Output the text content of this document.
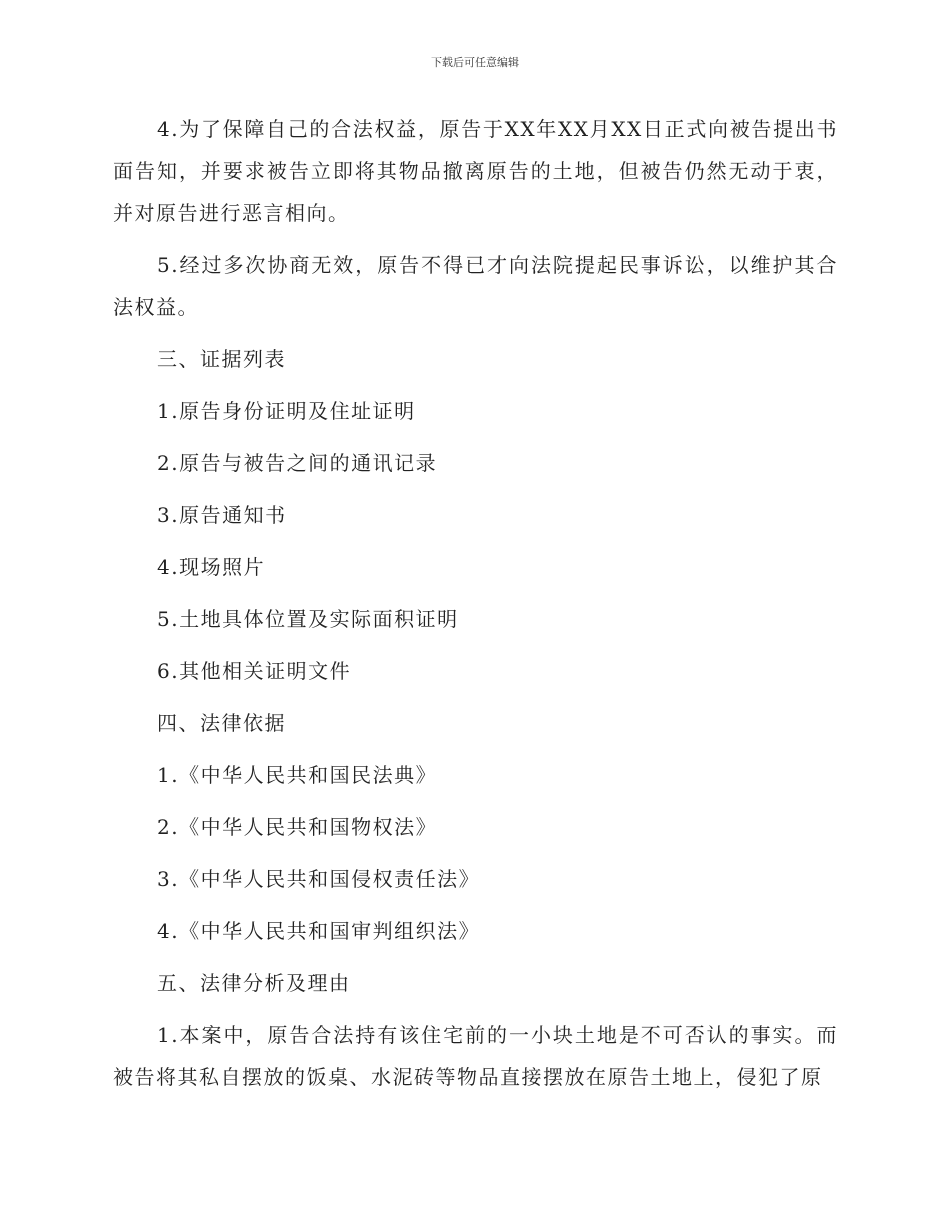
下载后可任意编辑

4.为了保障自己的合法权益，原告于XX年XX月XX日正式向被告提出书面告知，并要求被告立即将其物品撤离原告的土地，但被告仍然无动于衷，并对原告进行恶言相向。

5.经过多次协商无效，原告不得已才向法院提起民事诉讼，以维护其合法权益。

三、证据列表
1.原告身份证明及住址证明
2.原告与被告之间的通讯记录
3.原告通知书
4.现场照片
5.土地具体位置及实际面积证明
6.其他相关证明文件
四、法律依据
1.《中华人民共和国民法典》
2.《中华人民共和国物权法》
3.《中华人民共和国侵权责任法》
4.《中华人民共和国审判组织法》
五、法律分析及理由

1.本案中，原告合法持有该住宅前的一小块土地是不可否认的事实。而被告将其私自摆放的饭桌、水泥砖等物品直接摆放在原告土地上，侵犯了原
